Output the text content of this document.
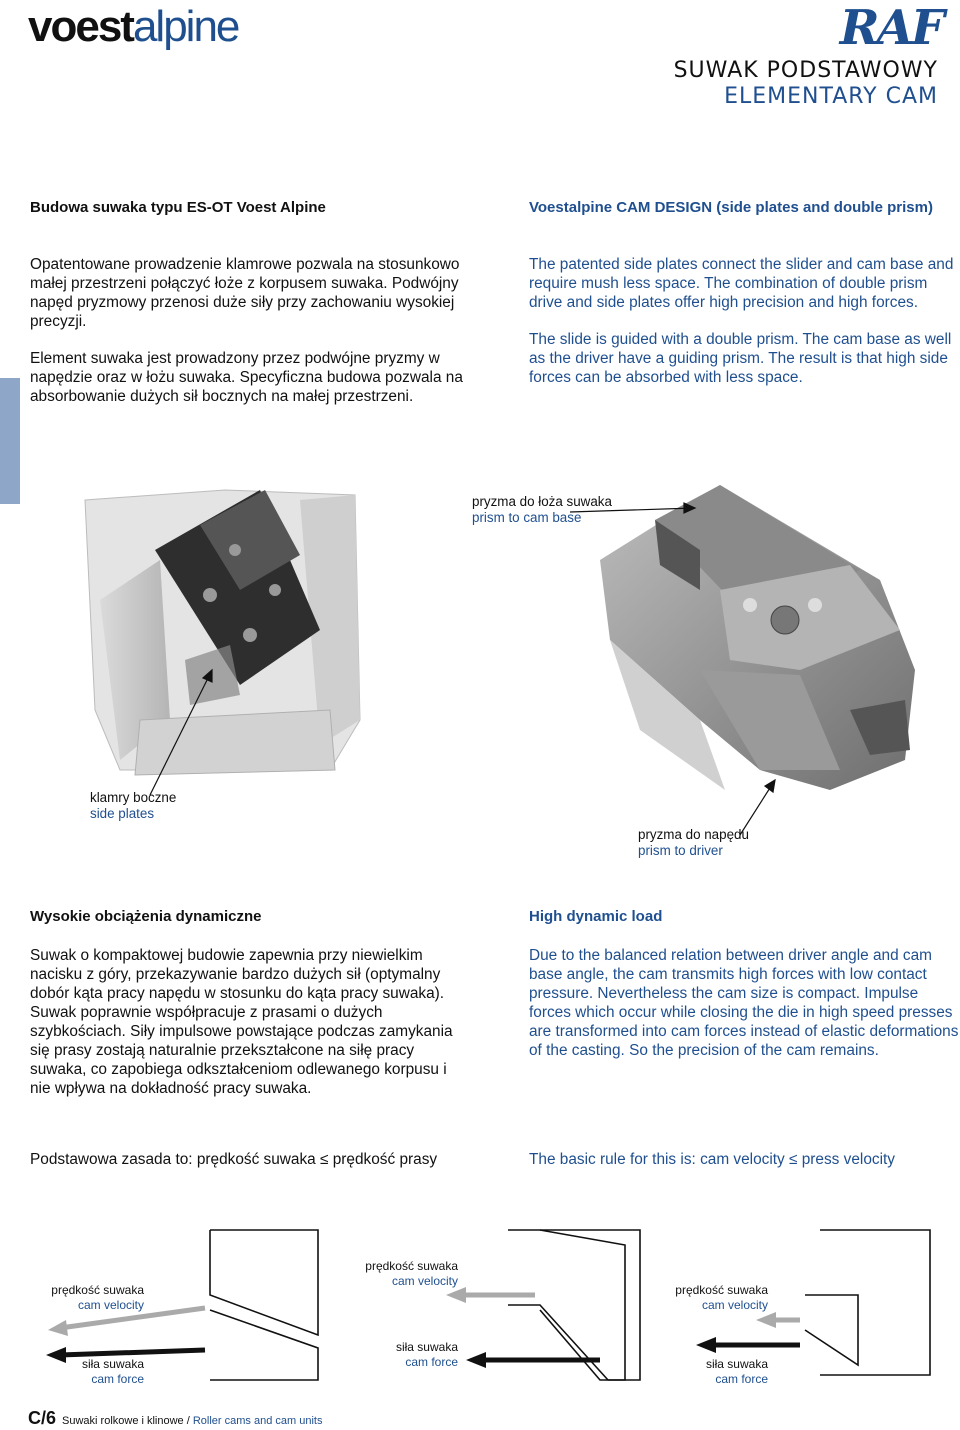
voestalpine	RAF
SUWAK PODSTAWOWY
ELEMENTARY CAM
Budowa suwaka typu ES-OT Voest Alpine	Voestalpine CAM DESIGN (side plates and double prism)

Opatentowane prowadzenie klamrowe pozwala na stosunkowo małej przestrzeni połączyć łoże z korpusem suwaka. Podwójny napęd pryzmowy przenosi duże siły przy zachowaniu wysokiej precyzji.

Element suwaka jest prowadzony przez podwójne pryzmy w napędzie oraz w łożu suwaka. Specyficzna budowa pozwala na absorbowanie dużych sił bocznych na małej przestrzeni.

The patented side plates connect the slider and cam base and require mush less space. The combination of double prism drive and side plates offer high precision and high forces.

The slide is guided with a double prism. The cam base as well as the driver have a guiding prism. The result is that high side forces can be absorbed with less space.

pryzma do łoża suwaka
prism to cam base
klamry boczne
side plates
pryzma do napędu
prism to driver
Wysokie obciążenia dynamiczne	High dynamic load

Suwak o kompaktowej budowie zapewnia przy niewielkim nacisku z góry, przekazywanie bardzo dużych sił (optymalny dobór kąta pracy napędu w stosunku do kąta pracy suwaka). Suwak poprawnie współpracuje z prasami o dużych szybkościach. Siły impulsowe powstające podczas zamykania się prasy zostają naturalnie przekształcone na siłę pracy suwaka, co zapobiega odkształceniom odlewanego korpusu i nie wpływa na dokładność pracy suwaka.

Due to the balanced relation between driver angle and cam base angle, the cam transmits high forces with low contact pressure. Nevertheless the cam size is compact. Impulse forces which occur while closing the die in high speed presses are transformed into cam forces instead of elastic deformations of the casting. So the precision of the cam remains.

Podstawowa zasada to: prędkość suwaka ≤ prędkość prasy	The basic rule for this is: cam velocity ≤ press velocity
prędkość suwaka
cam velocity
siła suwaka
cam force
prędkość suwaka
cam velocity
siła suwaka
cam force
prędkość suwaka
cam velocity
siła suwaka
cam force
C/6 Suwaki rolkowe i klinowe / Roller cams and cam units
